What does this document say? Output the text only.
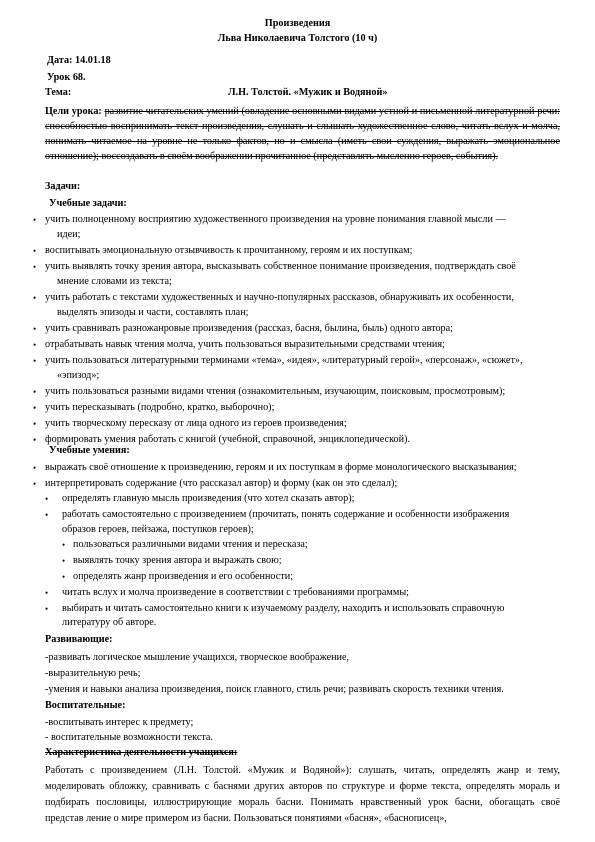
Произведения
Льва Николаевича Толстого (10 ч)
Дата: 14.01.18
Урок 68.
Тема:	Л.Н. Толстой. «Мужик и Водяной»
Цели урока: развитие читательских умений (овладение основными видами устной и письменной литературной речи: способностью воспринимать текст произведения, слушать и слышать художественное слово, читать вслух и молча, понимать читаемое на уровне не только фактов, но и смысла (иметь свои суждения, выражать эмоциональное отношение); воссоздавать в своём воображении прочитанное (представлять мысленно героев, события).
Задачи:
Учебные задачи:
• учить полноценному восприятию художественного произведения на уровне понимания главной мысли —
идеи;
• воспитывать эмоциональную отзывчивость к прочитанному, героям и их поступкам;
• учить выявлять точку зрения автора, высказывать собственное понимание произведения, подтверждать своё
мнение словами из текста;
• учить работать с текстами художественных и научно-популярных рассказов, обнаруживать их особенности,
выделять эпизоды и части, составлять план;
• учить сравнивать разножанровые произведения (рассказ, басня, былина, быль) одного автора;
• отрабатывать навык чтения молча, учить пользоваться выразительными средствами чтения;
• учить пользоваться литературными терминами «тема», «идея», «литературный герой», «персонаж», «сюжет»,
«эпизод»;
• учить пользоваться разными видами чтения (ознакомительным, изучающим, поисковым, просмотровым);
• учить пересказывать (подробно, кратко, выборочно);
• учить творческому пересказу от лица одного из героев произведения;
• формировать умения работать с книгой (учебной, справочной, энциклопедической).
Учебные умения:
• выражать своё отношение к произведению, героям и их поступкам в форме монологического высказывания;
• интерпретировать содержание (что рассказал автор) и форму (как он это сделал);
• определять главную мысль произведения (что хотел сказать автор);
• работать самостоятельно с произведением (прочитать, понять содержание и особенности изображения
образов героев, пейзажа, поступков героев);
• пользоваться различными видами чтения и пересказа;
• выявлять точку зрения автора и выражать свою;
• определять жанр произведения и его особенности;
• читать вслух и молча произведение в соответствии с требованиями программы;
• выбирать и читать самостоятельно книги к изучаемому разделу, находить и использовать справочную
литературу об авторе.
Развивающие:
-развивать логическое мышление учащихся, творческое воображение,
-выразительную речь;
-умения и навыки анализа произведения, поиск главного, стиль речи; развивать скорость техники чтения.
Воспитательные:
-воспитывать интерес к предмету;
- воспитательные возможности текста.
Характеристика деятельности учащихся:
Работать с произведением (Л.Н. Толстой. «Мужик и Водяной»): слушать, читать, определять жанр и тему, моделировать обложку, сравнивать с баснями других авторов по структуре и форме текста, определять мораль и подбирать пословицы, иллюстрирующие мораль басни. Понимать нравственный урок басни, обогащать своё представ ление о мире примером из басни. Пользоваться понятиями «басня», «баснописец»,
